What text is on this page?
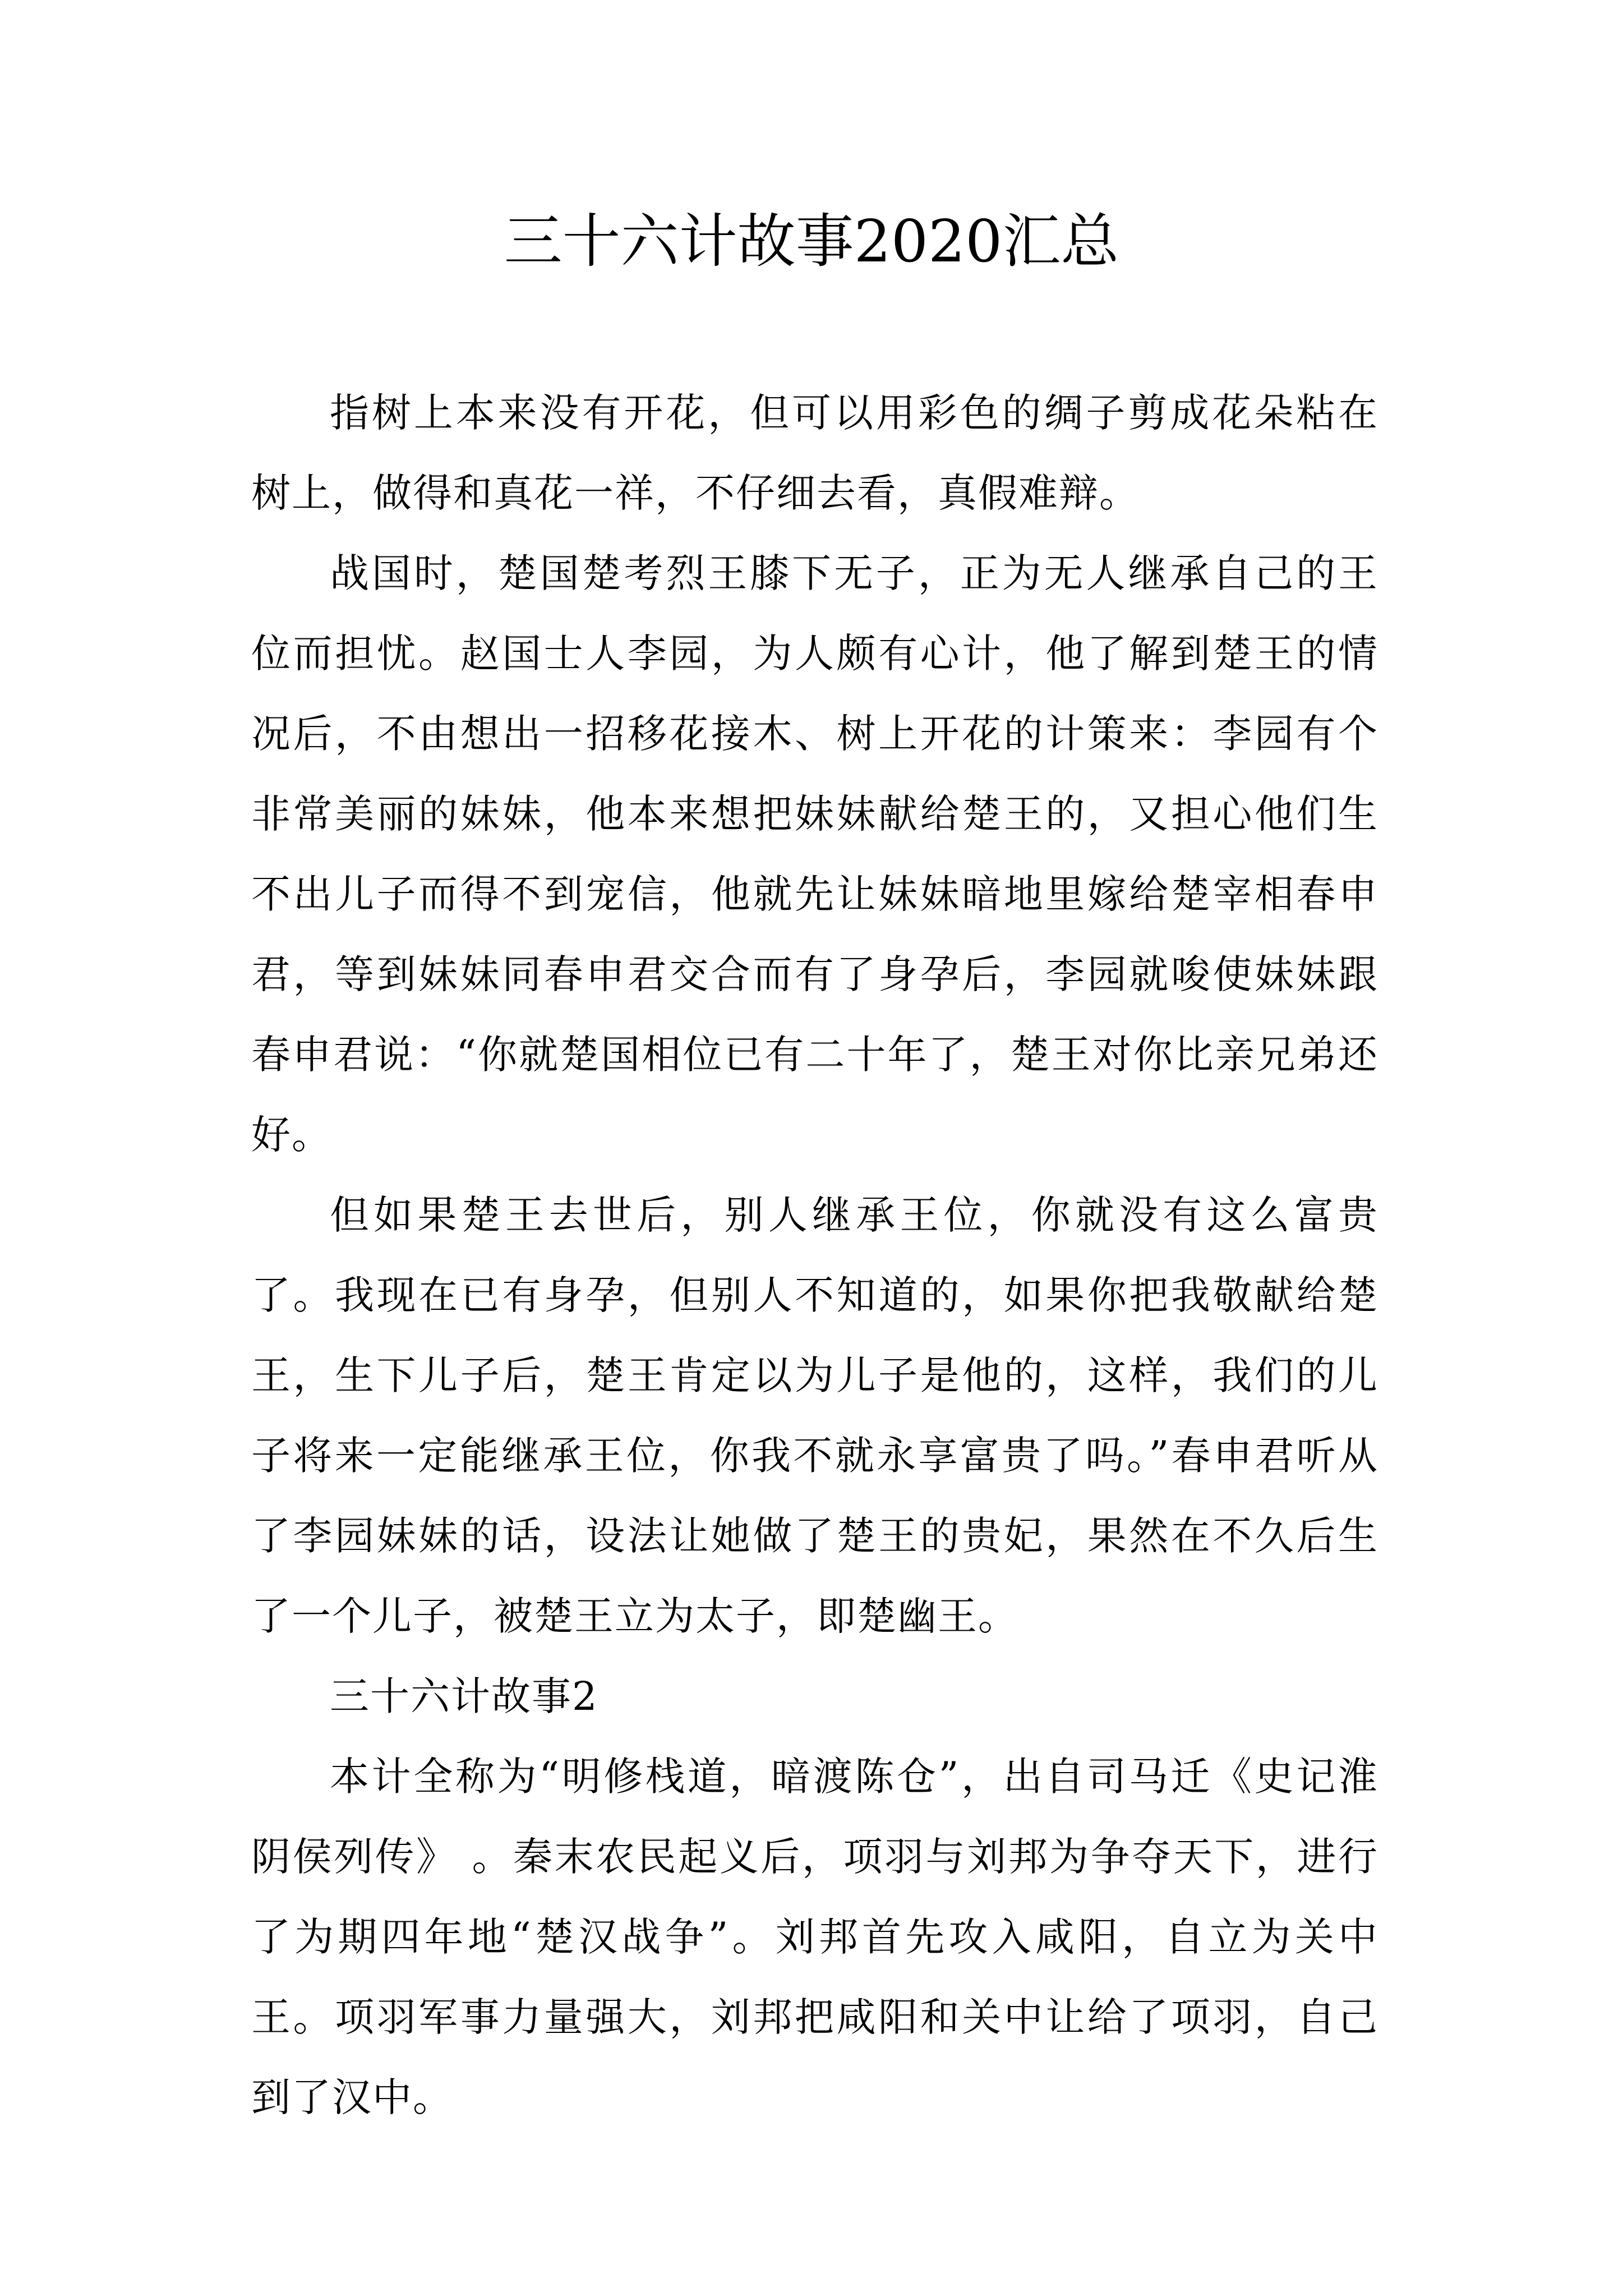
三十六计故事2020汇总

指树上本来没有开花，但可以用彩色的绸子剪成花朵粘在树上，做得和真花一祥，不仔细去看，真假难辩。

战国时，楚国楚考烈王膝下无子，正为无人继承自己的王位而担忧。赵国士人李园，为人颇有心计，他了解到楚王的情况后，不由想出一招移花接木、树上开花的计策来：李园有个非常美丽的妹妹，他本来想把妹妹献给楚王的，又担心他们生不出儿子而得不到宠信，他就先让妹妹暗地里嫁给楚宰相春申君，等到妹妹同春申君交合而有了身孕后，李园就唆使妹妹跟春申君说：“你就楚国相位已有二十年了，楚王对你比亲兄弟还好。

但如果楚王去世后，别人继承王位，你就没有这么富贵了。我现在已有身孕，但别人不知道的，如果你把我敬献给楚王，生下儿子后，楚王肯定以为儿子是他的，这样，我们的儿子将来一定能继承王位，你我不就永享富贵了吗。”春申君听从了李园妹妹的话，设法让她做了楚王的贵妃，果然在不久后生了一个儿子，被楚王立为太子，即楚幽王。

三十六计故事2

本计全称为“明修栈道，暗渡陈仓”，出自司马迁《史记淮阴侯列传》 。秦末农民起义后，项羽与刘邦为争夺天下，进行了为期四年地“楚汉战争”。刘邦首先攻入咸阳，自立为关中王。项羽军事力量强大，刘邦把咸阳和关中让给了项羽，自己到了汉中。
